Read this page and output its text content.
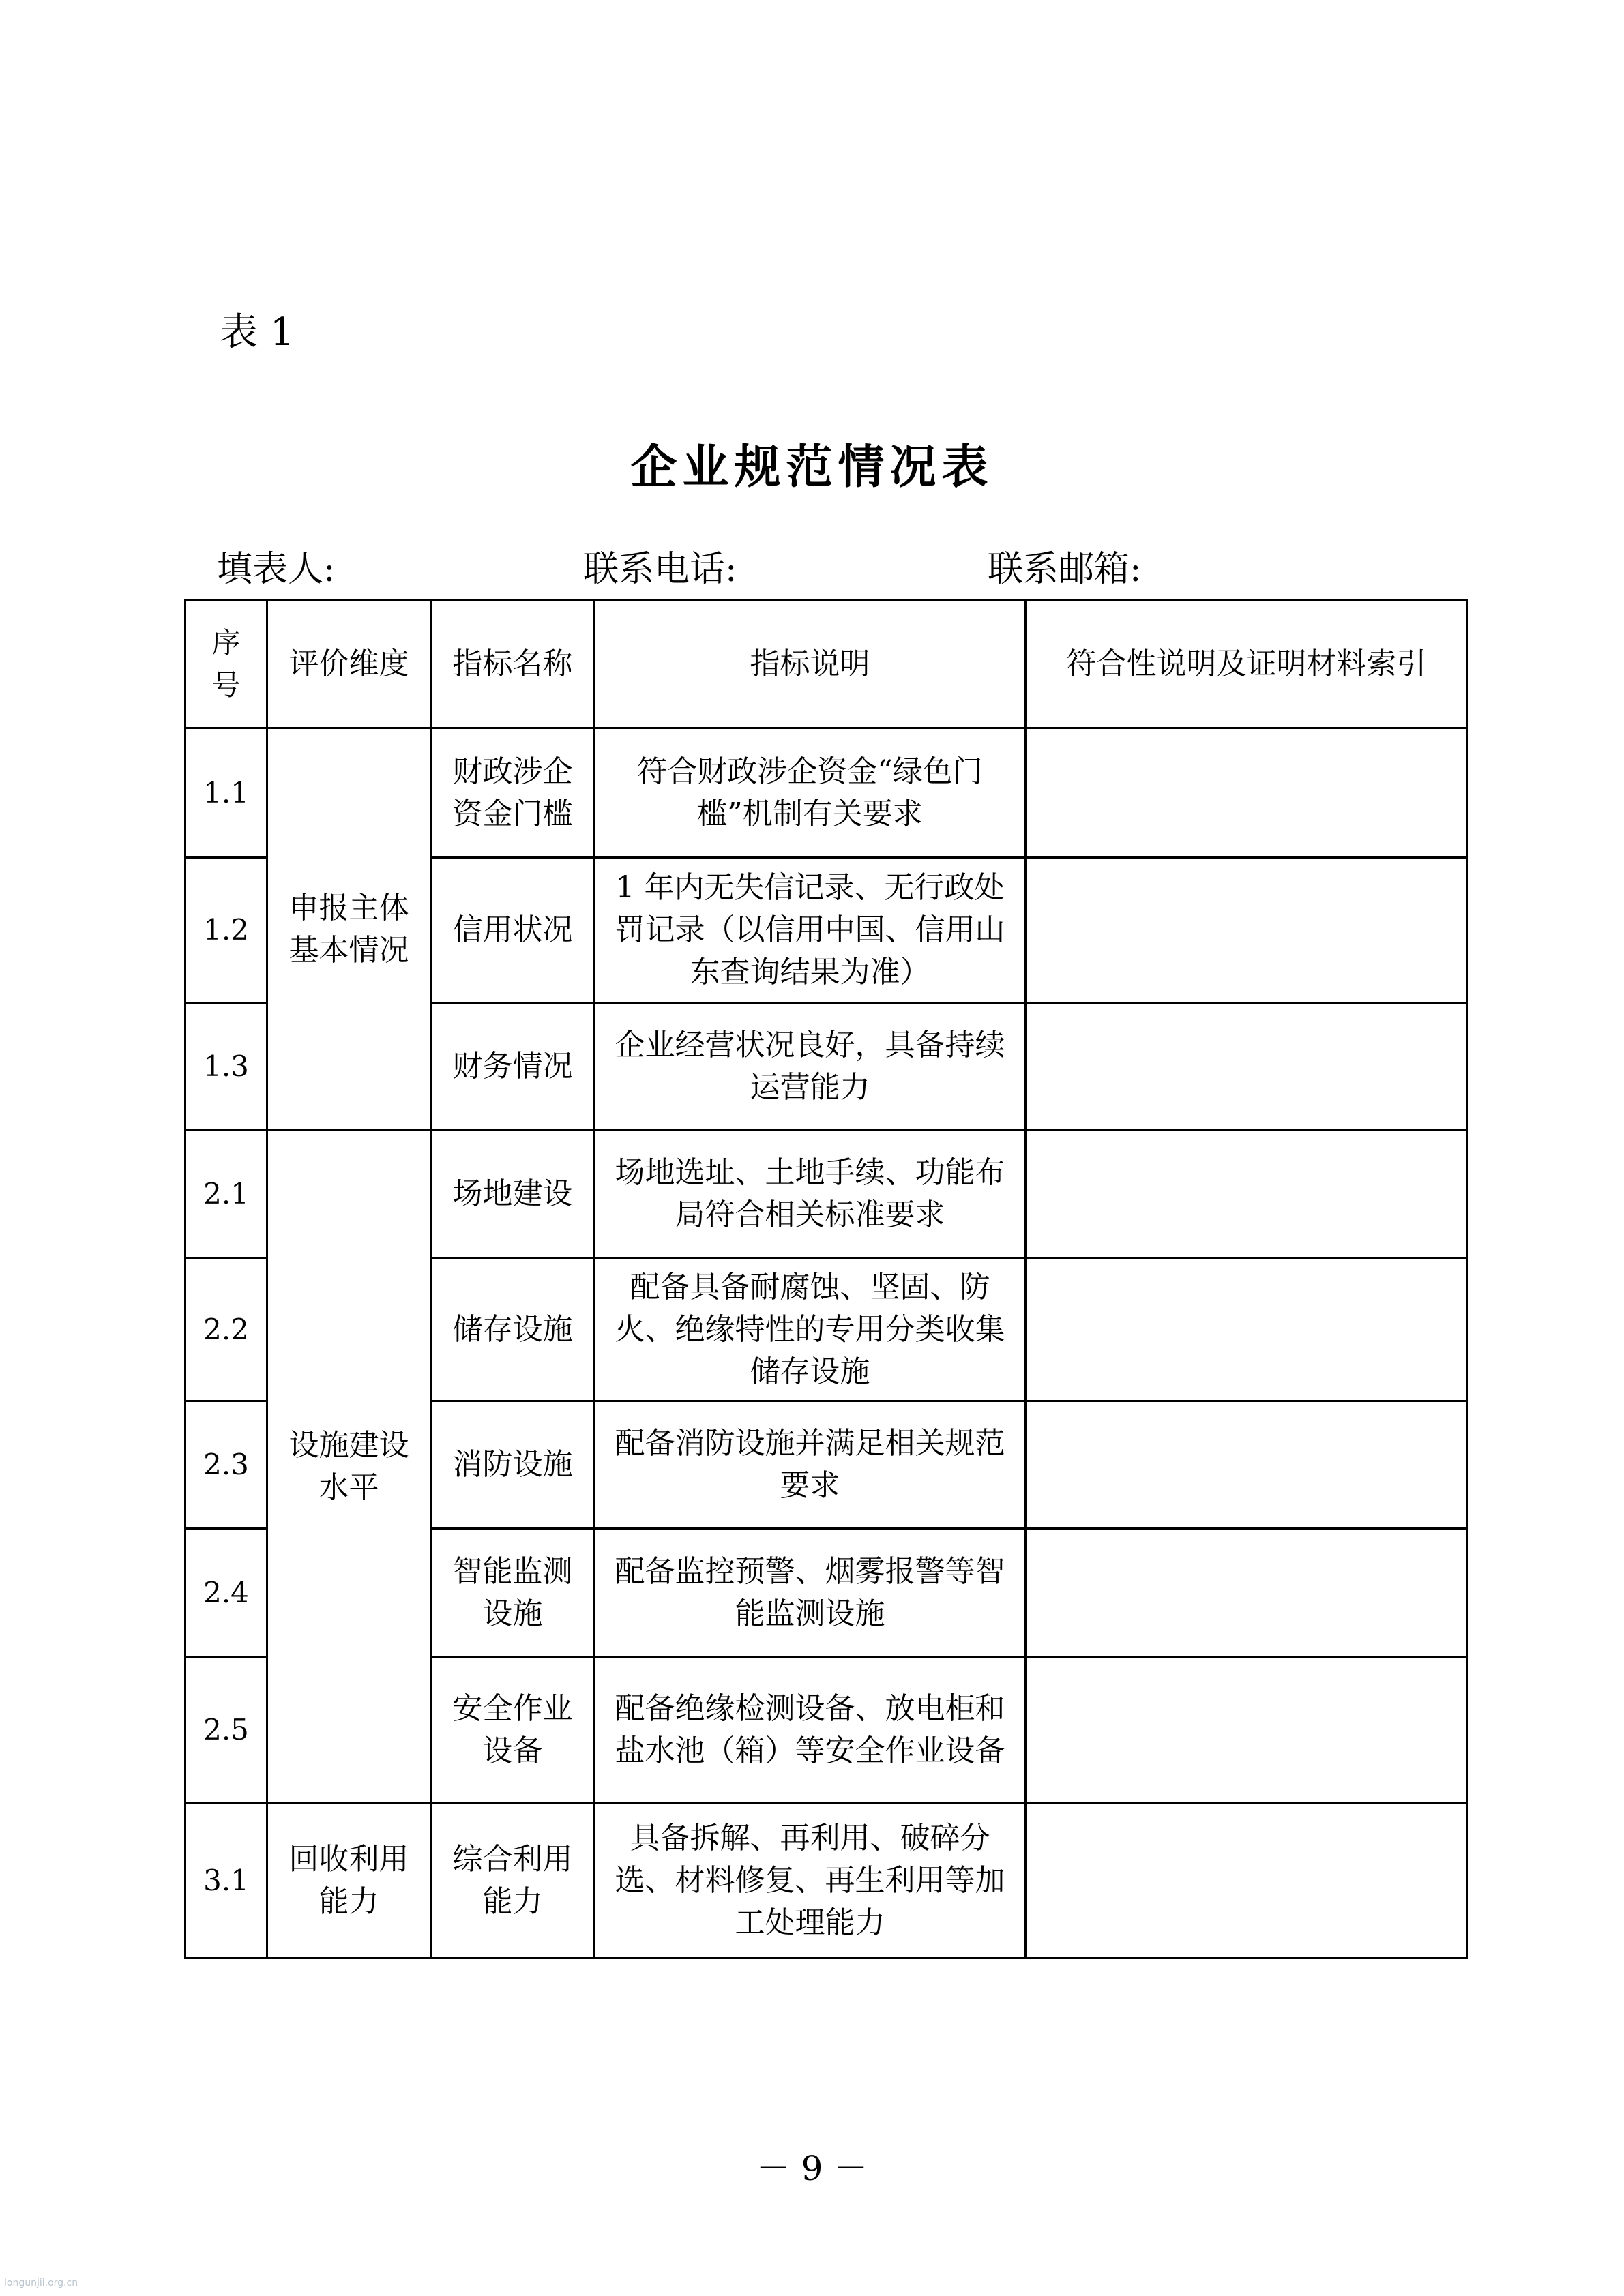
表 1
企业规范情况表
填表人:	联系电话:	联系邮箱:
序号	评价维度	指标名称	指标说明	符合性说明及证明材料索引
1.1	申报主体基本情况	财政涉企资金门槛	符合财政涉企资金“绿色门槛”机制有关要求	
1.2		信用状况	1 年内无失信记录、无行政处罚记录（以信用中国、信用山东查询结果为准）	
1.3		财务情况	企业经营状况良好，具备持续运营能力	
2.1	设施建设水平	场地建设	场地选址、土地手续、功能布局符合相关标准要求	
2.2		储存设施	配备具备耐腐蚀、坚固、防火、绝缘特性的专用分类收集储存设施	
2.3		消防设施	配备消防设施并满足相关规范要求	
2.4		智能监测设施	配备监控预警、烟雾报警等智能监测设施	
2.5		安全作业设备	配备绝缘检测设备、放电柜和盐水池（箱）等安全作业设备	
3.1	回收利用能力	综合利用能力	具备拆解、再利用、破碎分选、材料修复、再生利用等加工处理能力	
－ 9 －
longunjii.org.cn
